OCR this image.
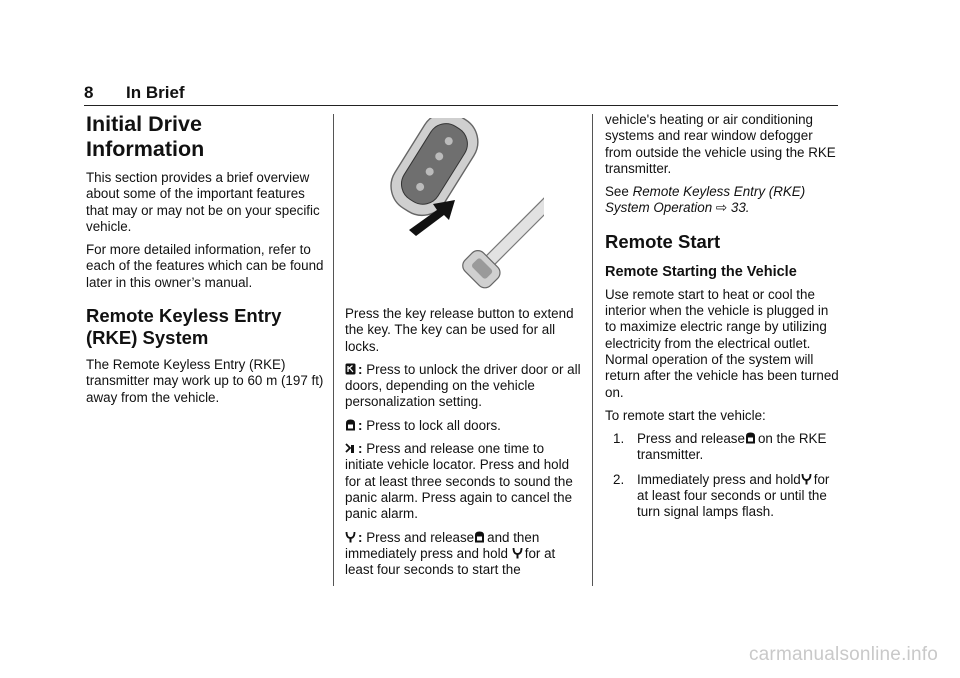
8 In Brief
Initial Drive Information

This section provides a brief overview about some of the important features that may or may not be on your specific vehicle.

For more detailed information, refer to each of the features which can be found later in this owner’s manual.

Remote Keyless Entry (RKE) System

The Remote Keyless Entry (RKE) transmitter may work up to 60 m (197 ft) away from the vehicle.

Press the key release button to extend the key. The key can be used for all locks.

: Press to unlock the driver door or all doors, depending on the vehicle personalization setting.

: Press to lock all doors.

: Press and release one time to initiate vehicle locator. Press and hold for at least three seconds to sound the panic alarm. Press again to cancel the panic alarm.

: Press and release and then immediately press and hold for at least four seconds to start the

vehicle's heating or air conditioning systems and rear window defogger from outside the vehicle using the RKE transmitter.

See Remote Keyless Entry (RKE) System Operation ⇨ 33.

Remote Start
Remote Starting the Vehicle

Use remote start to heat or cool the interior when the vehicle is plugged in to maximize electric range by utilizing electricity from the electrical outlet. Normal operation of the system will return after the vehicle has been turned on.

To remote start the vehicle:

1. Press and release on the RKE transmitter.
2. Immediately press and hold for at least four seconds or until the turn signal lamps flash.
carmanualsonline.info
